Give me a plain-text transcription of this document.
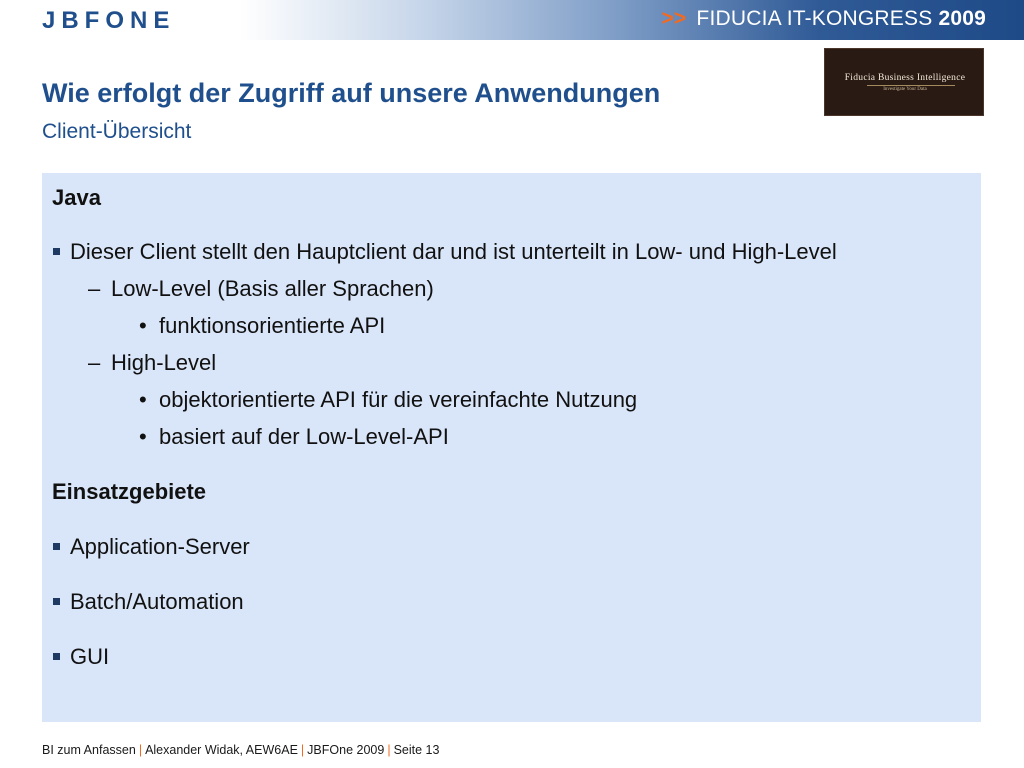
JBFONE	>> FIDUCIA IT-KONGRESS 2009
Wie erfolgt der Zugriff auf unsere Anwendungen
Client-Übersicht
Fiducia Business Intelligence
Investigate Your Data
Java
Dieser Client stellt den Hauptclient dar und ist unterteilt in Low- und High-Level
– Low-Level (Basis aller Sprachen)
• funktionsorientierte API
– High-Level
• objektorientierte API für die vereinfachte Nutzung
• basiert auf der Low-Level-API
Einsatzgebiete
Application-Server
Batch/Automation
GUI
BI zum Anfassen | Alexander Widak, AEW6AE | JBFOne 2009 | Seite 13
